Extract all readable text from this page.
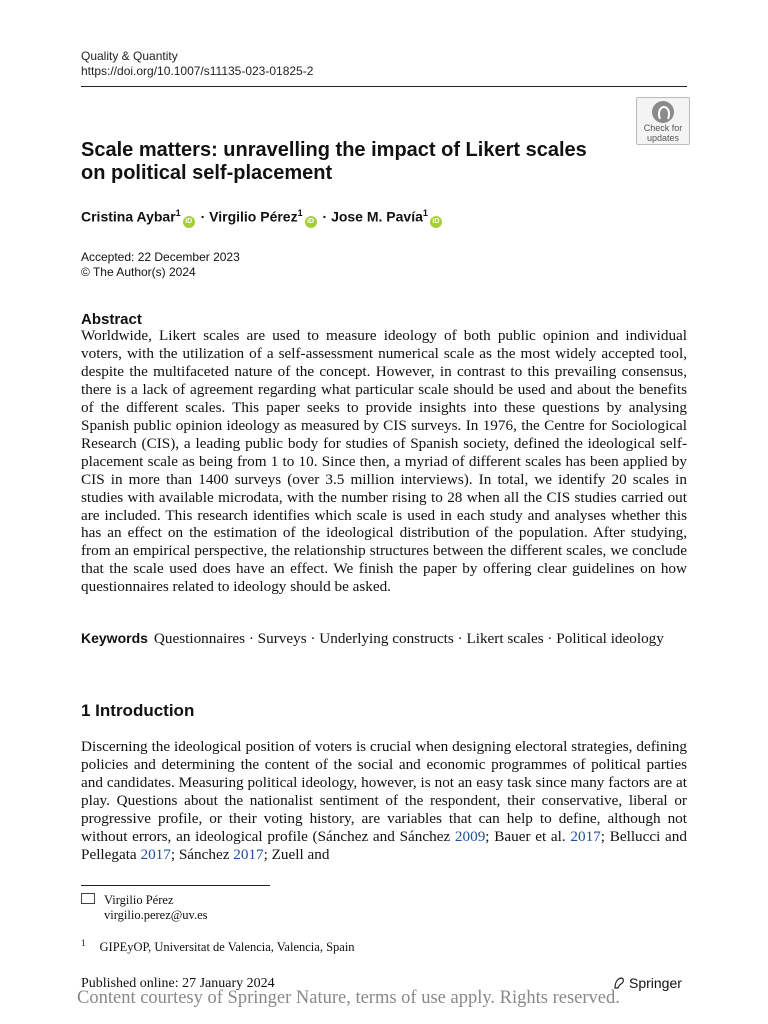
Quality & Quantity
https://doi.org/10.1007/s11135-023-01825-2
Check for
updates
Scale matters: unravelling the impact of Likert scales
on political self-placement
Cristina Aybar$^1$iD · Virgilio Pérez$^1$iD · Jose M. Pavía$^1$iD
Accepted: 22 December 2023
© The Author(s) 2024
Abstract
Worldwide, Likert scales are used to measure ideology of both public opinion and individual voters, with the utilization of a self-assessment numerical scale as the most widely accepted tool, despite the multifaceted nature of the concept. However, in contrast to this prevailing consensus, there is a lack of agreement regarding what particular scale should be used and about the benefits of the different scales. This paper seeks to provide insights into these questions by analysing Spanish public opinion ideology as measured by CIS surveys. In 1976, the Centre for Sociological Research (CIS), a leading public body for studies of Spanish society, defined the ideological self-placement scale as being from 1 to 10. Since then, a myriad of different scales has been applied by CIS in more than 1400 surveys (over 3.5 million interviews). In total, we identify 20 scales in studies with available microdata, with the number rising to 28 when all the CIS studies carried out are included. This research identifies which scale is used in each study and analyses whether this has an effect on the estimation of the ideological distribution of the population. After studying, from an empirical perspective, the relationship structures between the different scales, we conclude that the scale used does have an effect. We finish the paper by offering clear guidelines on how questionnaires related to ideology should be asked.
Keywords Questionnaires · Surveys · Underlying constructs · Likert scales · Political ideology
1 Introduction
Discerning the ideological position of voters is crucial when designing electoral strategies, defining policies and determining the content of the social and economic programmes of political parties and candidates. Measuring political ideology, however, is not an easy task since many factors are at play. Questions about the nationalist sentiment of the respondent, their conservative, liberal or progressive profile, or their voting history, are variables that can help to define, although not without errors, an ideological profile (Sánchez and Sánchez 2009; Bauer et al. 2017; Bellucci and Pellegata 2017; Sánchez 2017; Zuell and
Virgilio Pérez
virgilio.perez@uv.es
$^1$ GIPEyOP, Universitat de Valencia, Valencia, Spain
Published online: 27 January 2024	Springer
Content courtesy of Springer Nature, terms of use apply. Rights reserved.
